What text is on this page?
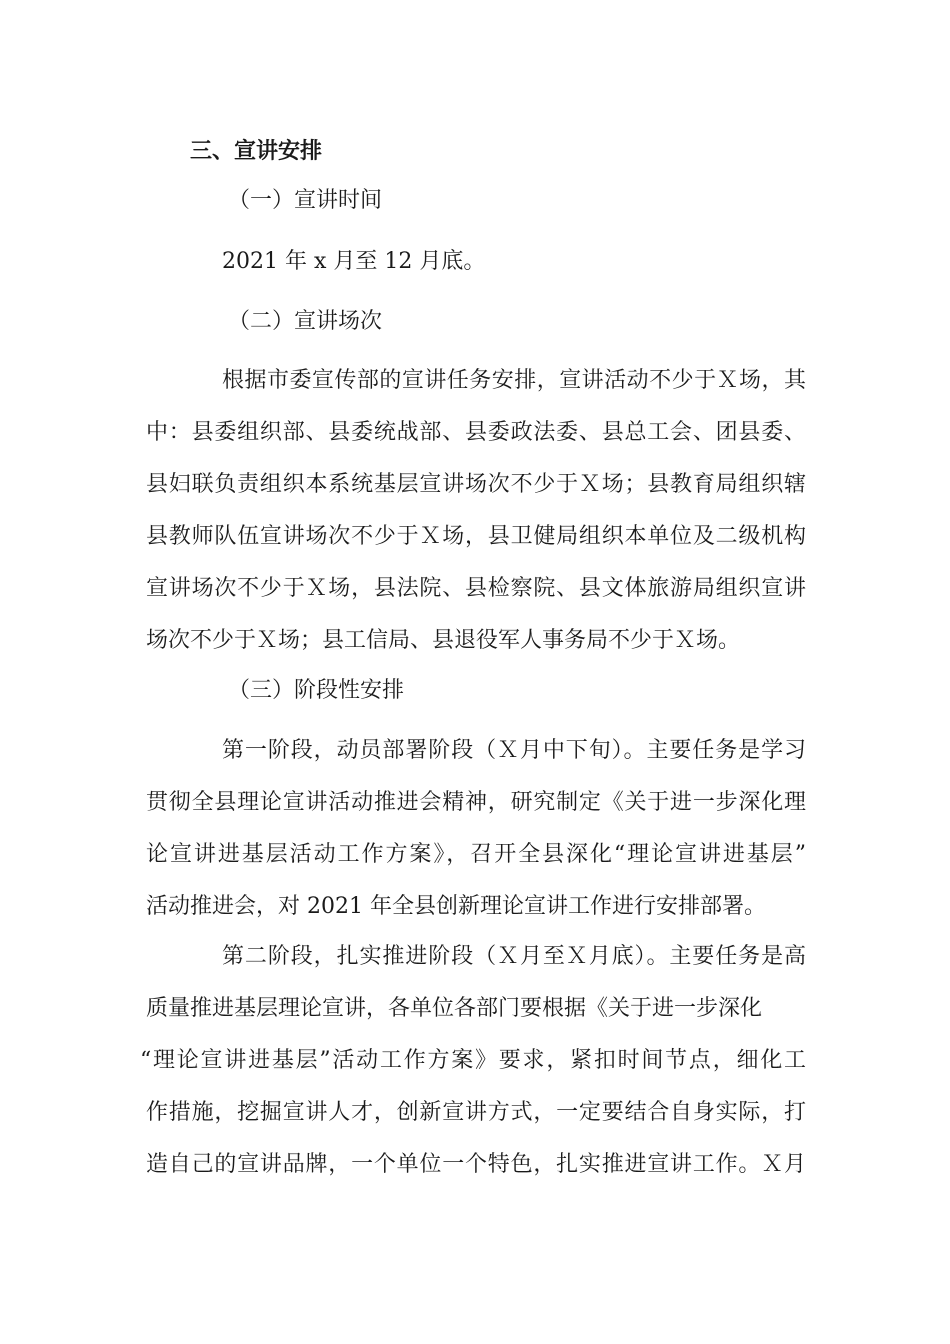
三、宣讲安排
（一）宣讲时间
2021 年 x 月至 12 月底。
（二）宣讲场次
根据市委宣传部的宣讲任务安排，宣讲活动不少于Ｘ场，其
中：县委组织部、县委统战部、县委政法委、县总工会、团县委、
县妇联负责组织本系统基层宣讲场次不少于Ｘ场；县教育局组织辖
县教师队伍宣讲场次不少于Ｘ场，县卫健局组织本单位及二级机构
宣讲场次不少于Ｘ场，县法院、县检察院、县文体旅游局组织宣讲
场次不少于Ｘ场；县工信局、县退役军人事务局不少于Ｘ场。
（三）阶段性安排
第一阶段，动员部署阶段（Ｘ月中下旬）。主要任务是学习
贯彻全县理论宣讲活动推进会精神，研究制定《关于进一步深化理
论宣讲进基层活动工作方案》，召开全县深化“理论宣讲进基层”
活动推进会，对 2021 年全县创新理论宣讲工作进行安排部署。
第二阶段，扎实推进阶段（Ｘ月至Ｘ月底）。主要任务是高
质量推进基层理论宣讲，各单位各部门要根据《关于进一步深化
“理论宣讲进基层”活动工作方案》要求，紧扣时间节点，细化工
作措施，挖掘宣讲人才，创新宣讲方式，一定要结合自身实际，打
造自己的宣讲品牌，一个单位一个特色，扎实推进宣讲工作。Ｘ月
